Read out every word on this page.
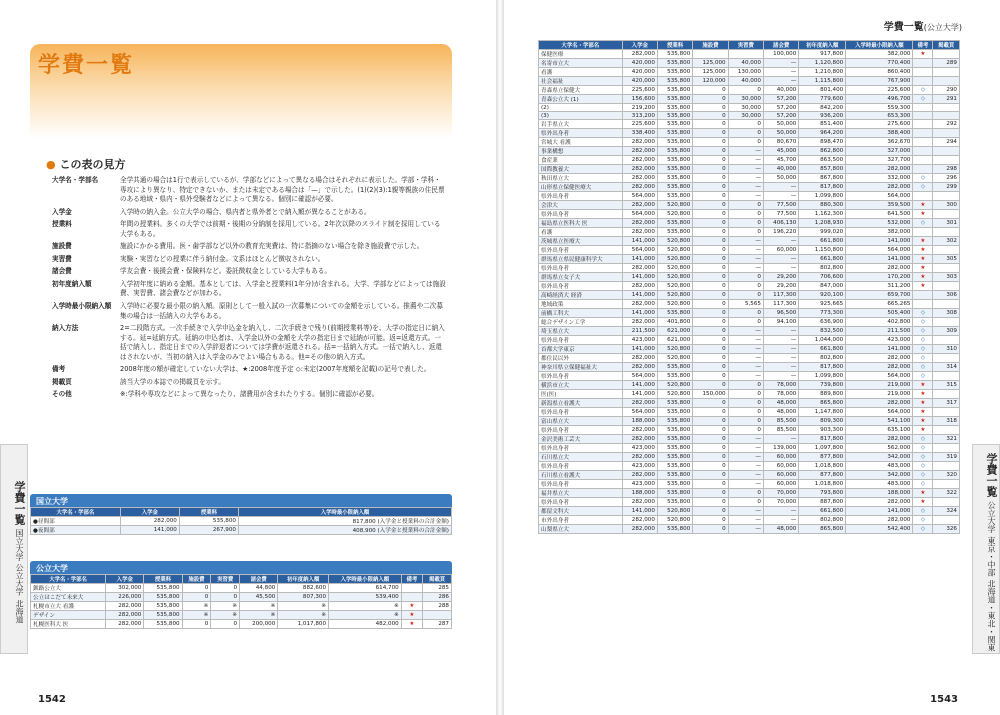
学費一覧
● この表の見方
大学名・学部名	全学共通の場合は1行で表示しているが、学部などによって異なる場合はそれぞれに表示した。学部・学科・専攻により異なり、特定できないか、または未定である場合は「—」で示した。(1)(2)(3):1親等親族の住民票のある地域・県内・県外受験者などによって異なる。個別に確認が必要。
入学金	入学時の納入金。公立大学の場合、県内者と県外者とで納入額が異なることがある。
授業料	年間の授業料。多くの大学では前期・後期の分納制を採用している。2年次以降のスライド制を採用している大学もある。
施設費	施設にかかる費用。医・歯学部など以外の教育充実費は、特に指摘のない場合を除き施設費で示した。
実習費	実験・実習などの授業に伴う納付金。文系はほとんど徴収されない。
諸会費	学友会費・後援会費・保険料など。委託徴収金としている大学もある。
初年度納入額	入学初年度に納める金額。基本としては、入学金と授業料(1年分)が含まれる。大学、学部などによっては施設費、実習費、諸会費などが加わる。
入学時最小限納入額	入学時に必要な最小限の納入額。原則として一般入試の一次募集についての金額を示している。推薦や二次募集の場合は一括納入の大学もある。
納入方法	2=二段階方式。一次手続きで入学申込金を納入し、二次手続きで残り(前期授業料等)を、大学の指定日に納入する。延=延納方式。延納の申込者は、入学金以外の金額を大学の指定日まで延納が可能。返=返還方式。一括で納入し、指定日までの入学辞退者については学費が返還される。括=一括納入方式。一括で納入し、返還はされないが、当初の納入は入学金のみでよい場合もある。他=その他の納入方式。
備考	2008年度の額が確定していない大学は、★:2008年度予定 ◇:未定(2007年度額を記載)の記号で表した。
掲載頁	該当大学の本誌での掲載頁を示す。
その他	※:学科や専攻などによって異なったり、諸費用が含まれたりする。個別に確認が必要。
国立大学
大学名・学部名	入学金	授業料	入学時最小限納入額
●昼間部	282,000	535,800	817,800 (入学金と授業料の合計金額)
●夜間部	141,000	267,900	408,900 (入学金と授業料の合計金額)
公立大学
大学名・学部名	入学金	授業料	施設費	実習費	諸会費	初年度納入額	入学時最小限納入額	備考	掲載頁
釧路公立大	302,000	535,800	0	0	44,800	882,600	614,700		285
公立はこだて未来大	226,000	535,800	0	0	45,500	807,300	539,400		286
札幌市立大 看護	282,000	535,800	※	※	※	※	※	★	288
デザイン	282,000	535,800	※	※	※	※	※	★	
札幌医科大 医	282,000	535,800	0	0	200,000	1,017,800	482,000	★	287
学費一覧 国立大学 公立大学 北海道
1542
学費一覧(公立大学)
大学名・学部名	入学金	授業料	施設費	実習費	諸会費	初年度納入額	入学時最小限納入額	備考	掲載頁
保健医療	282,000	535,800			100,000	917,800	382,000	★	
名寄市立大	420,000	535,800	125,000	40,000	—	1,120,800	770,400		289
看護	420,000	535,800	125,000	130,000	—	1,210,800	860,400		
社会福祉	420,000	535,800	120,000	40,000	—	1,115,800	767,900		
青森県立保健大	225,600	535,800	0	0	40,000	801,400	225,600	◇	290
青森公立大 (1)	156,600	535,800	0	30,000	57,200	779,600	496,700	◇	291
(2)	219,200	535,800	0	30,000	57,200	842,200	559,300		
(3)	313,200	535,800	0	30,000	57,200	936,200	653,300		
岩手県立大	225,600	535,800	0	0	50,000	851,400	275,600		292
県外出身者	338,400	535,800	0	0	50,000	964,200	388,400		
宮城大 看護	282,000	535,800	0	0	80,670	898,470	362,670		294
事業構想	282,000	535,800	0	—	45,000	862,800	327,000		
食産業	282,000	535,800	0	—	45,700	863,500	327,700		
国際教養大	282,000	535,800	0	—	40,000	857,800	282,000		298
秋田県立大	282,000	535,800	0	—	50,000	867,800	332,000	◇	296
山形県立保健医療大	282,000	535,800	0	—	—	817,800	282,000	◇	299
県外出身者	564,000	535,800	0	—	—	1,099,800	564,000		
会津大	282,000	520,800	0	0	77,500	880,300	359,500	★	300
県外出身者	564,000	520,800	0	0	77,500	1,162,300	641,500	★	
福島県立医科大 医	282,000	535,800	0	0	406,130	1,208,930	532,000	◇	301
看護	282,000	535,800	0	0	196,220	999,020	382,000		
茨城県立医療大	141,000	520,800	0	—	—	661,800	141,000	★	302
県外出身者	564,000	520,800	0	—	60,000	1,150,800	564,000	★	
群馬県立県民健康科学大	141,000	520,800	0	—	—	661,800	141,000	★	305
県外出身者	282,000	520,800	0	—	—	802,800	282,000	★	
群馬県立女子大	141,000	520,800	0	0	29,200	706,600	170,200	★	303
県外出身者	282,000	520,800	0	0	29,200	847,000	311,200	★	
高崎経済大 経済	141,000	520,800	0	0	117,300	920,100	659,700		306
地域政策	282,000	520,800	0	5,565	117,300	925,665	665,265		
前橋工科大	141,000	535,800	0	0	96,500	773,300	505,400	◇	308
総合デザイン工学	282,000	401,800	0	0	94,100	636,900	402,800	◇	
埼玉県立大	211,500	621,000	0	—	—	832,500	211,500	◇	309
県外出身者	423,000	621,000	0	—	—	1,044,000	423,000	◇	
首都大学東京	141,000	520,800	0	—	—	661,800	141,000	◇	310
都住民以外	282,000	520,800	0	—	—	802,800	282,000	◇	
神奈川県立保健福祉大	282,000	535,800	0	—	—	817,800	282,000	◇	314
県外出身者	564,000	535,800	0	—	—	1,099,800	564,000	◇	
横浜市立大	141,000	520,800	0	0	78,000	739,800	219,000	★	315
医(医)	141,000	520,800	150,000	0	78,000	889,800	219,000	★	
新潟県立看護大	282,000	535,800	0	0	48,000	865,800	282,000	★	317
県外出身者	564,000	535,800	0	0	48,000	1,147,800	564,000	★	
富山県立大	188,000	535,800	0	0	85,500	809,300	541,100	★	318
県外出身者	282,000	535,800	0	0	85,500	903,300	635,100	★	
金沢美術工芸大	282,000	535,800	0	—	—	817,800	282,000	◇	321
県外出身者	423,000	535,800	0	—	139,000	1,097,800	562,000	◇	
石川県立大	282,000	535,800	0	—	60,000	877,800	342,000	◇	319
県外出身者	423,000	535,800	0	—	60,000	1,018,800	483,000	◇	
石川県立看護大	282,000	535,800	0	—	60,000	877,800	342,000	◇	320
県外出身者	423,000	535,800	0	—	60,000	1,018,800	483,000	◇	
福井県立大	188,000	535,800	0	0	70,000	793,800	188,000	★	322
県外出身者	282,000	535,800	0	0	70,000	887,800	282,000	★	
都留文科大	141,000	520,800	0	—	—	661,800	141,000	◇	324
市外出身者	282,000	520,800	0	—	—	802,800	282,000	◇	
山梨県立大	282,000	535,800	0	—	48,000	865,800	542,400	◇	326
学費一覧 公立大学 東京・中部 北海道・東北・関東
1543
